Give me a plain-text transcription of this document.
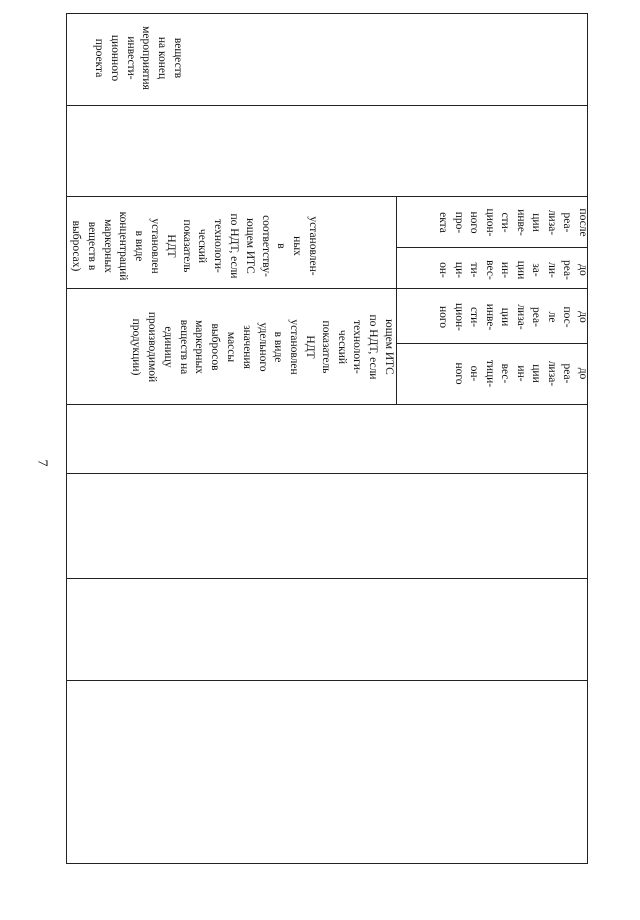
7
веществ
на конец
мероприятия
инвести-
ционного
проекта
установлен-
ных
в
соответству-
ющем ИТС
по НДТ, если
технологи-
ческий
показатель
НДТ
установлен
в виде
концентраций
маркерных
веществ в
выбросах)
ющем ИТС
по НДТ, если
технологи-
ческий
показатель
НДТ
установлен
в виде
удельного
значения
массы
выбросов
маркерных
веществ на
единицу
производимой
продукции)
до
реа-
ли-
за-
ции
ин-
вес-
ти-
ци-
он-
после
реа-
лиза-
ции
инве-
сти-
цион-
ного
про-
екта
до
реа-
лиза-
ции
ин-
вес-
тици-
он-
ного
до
пос-
ле
реа-
лиза-
ции
инве-
сти-
цион-
ного
